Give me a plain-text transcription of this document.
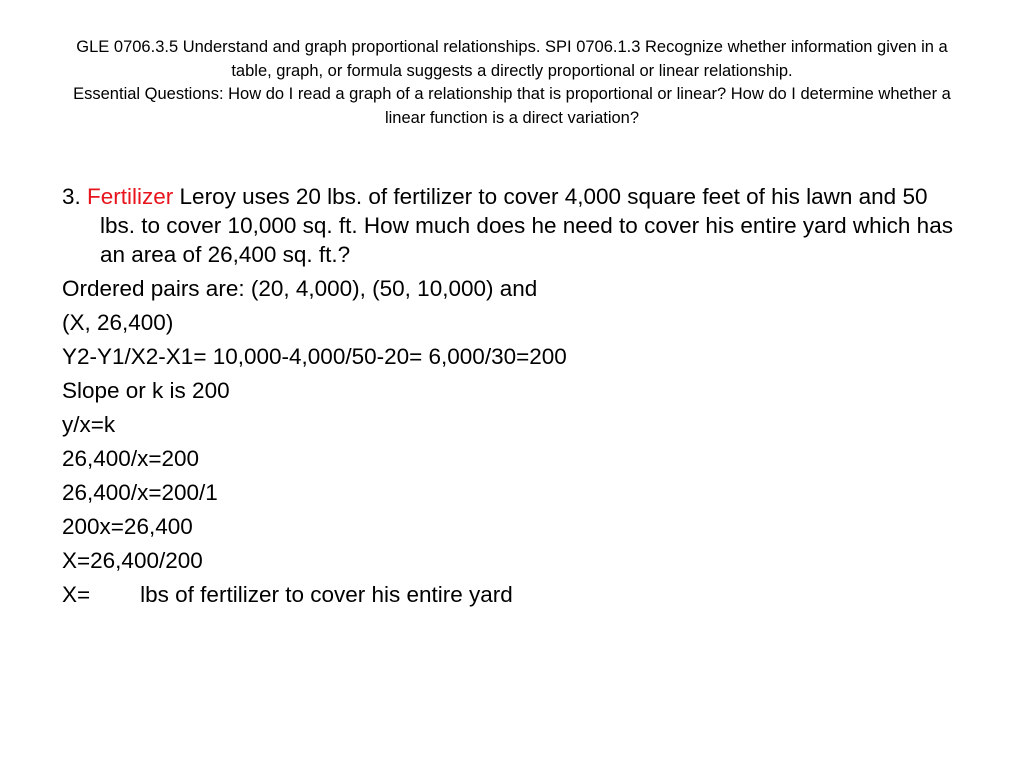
GLE 0706.3.5 Understand and graph proportional relationships. SPI 0706.1.3 Recognize whether information given in a table, graph, or formula suggests a directly proportional or linear relationship.

Essential Questions: How do I read a graph of a relationship that is proportional or linear? How do I determine whether a linear function is a direct variation?

3. Fertilizer Leroy uses 20 lbs. of fertilizer to cover 4,000 square feet of his lawn and 50 lbs. to cover 10,000 sq. ft. How much does he need to cover his entire yard which has an area of 26,400 sq. ft.?

Ordered pairs are: (20, 4,000), (50, 10,000) and

(X, 26,400)

Y2-Y1/X2-X1= 10,000-4,000/50-20= 6,000/30=200

Slope or k is 200

y/x=k

26,400/x=200

26,400/x=200/1

200x=26,400

X=26,400/200

X=        lbs of fertilizer to cover his entire yard
